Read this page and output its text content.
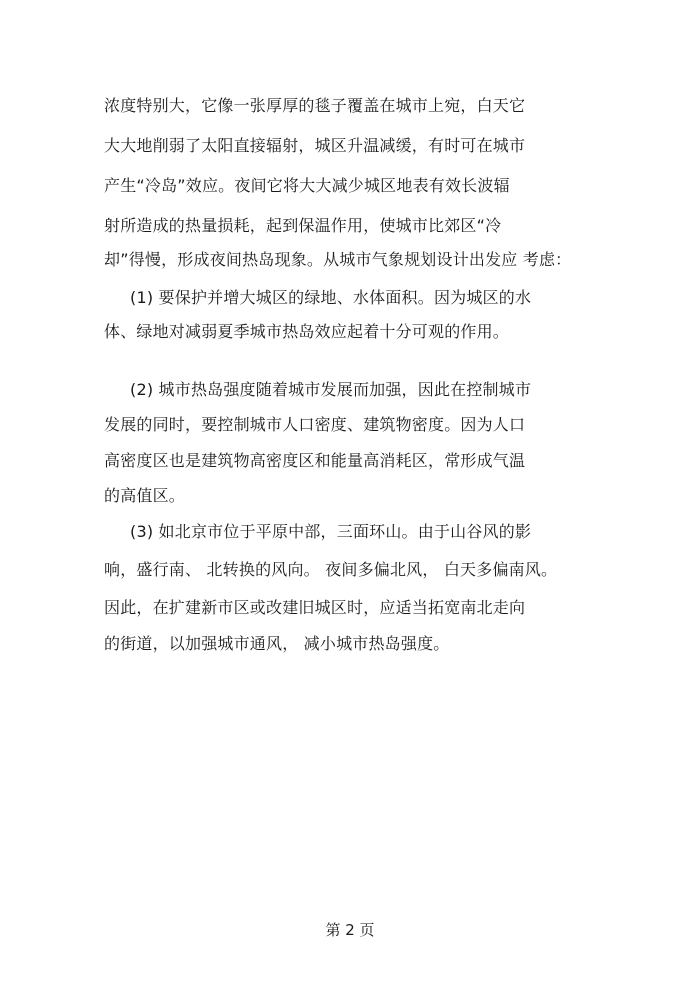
浓度特别大，它像一张厚厚的毯子覆盖在城市上宛，白天它
大大地削弱了太阳直接辐射，城区升温减缓，有时可在城市
产生“冷岛”效应。夜间它将大大减少城区地表有效长波辐
射所造成的热量损耗，起到保温作用，使城市比郊区“冷
却”得慢，形成夜间热岛现象。从城市气象规划设计出发应 考虑：
(1) 要保护并增大城区的绿地、水体面积。因为城区的水
体、绿地对减弱夏季城市热岛效应起着十分可观的作用。
(2) 城市热岛强度随着城市发展而加强，因此在控制城市
发展的同时，要控制城市人口密度、建筑物密度。因为人口
高密度区也是建筑物高密度区和能量高消耗区，常形成气温
的高值区。
(3) 如北京市位于平原中部，三面环山。由于山谷风的影
响，盛行南、 北转换的风向。 夜间多偏北风， 白天多偏南风。
因此，在扩建新市区或改建旧城区时，应适当拓宽南北走向
的街道，以加强城市通风， 减小城市热岛强度。
第 2 页
